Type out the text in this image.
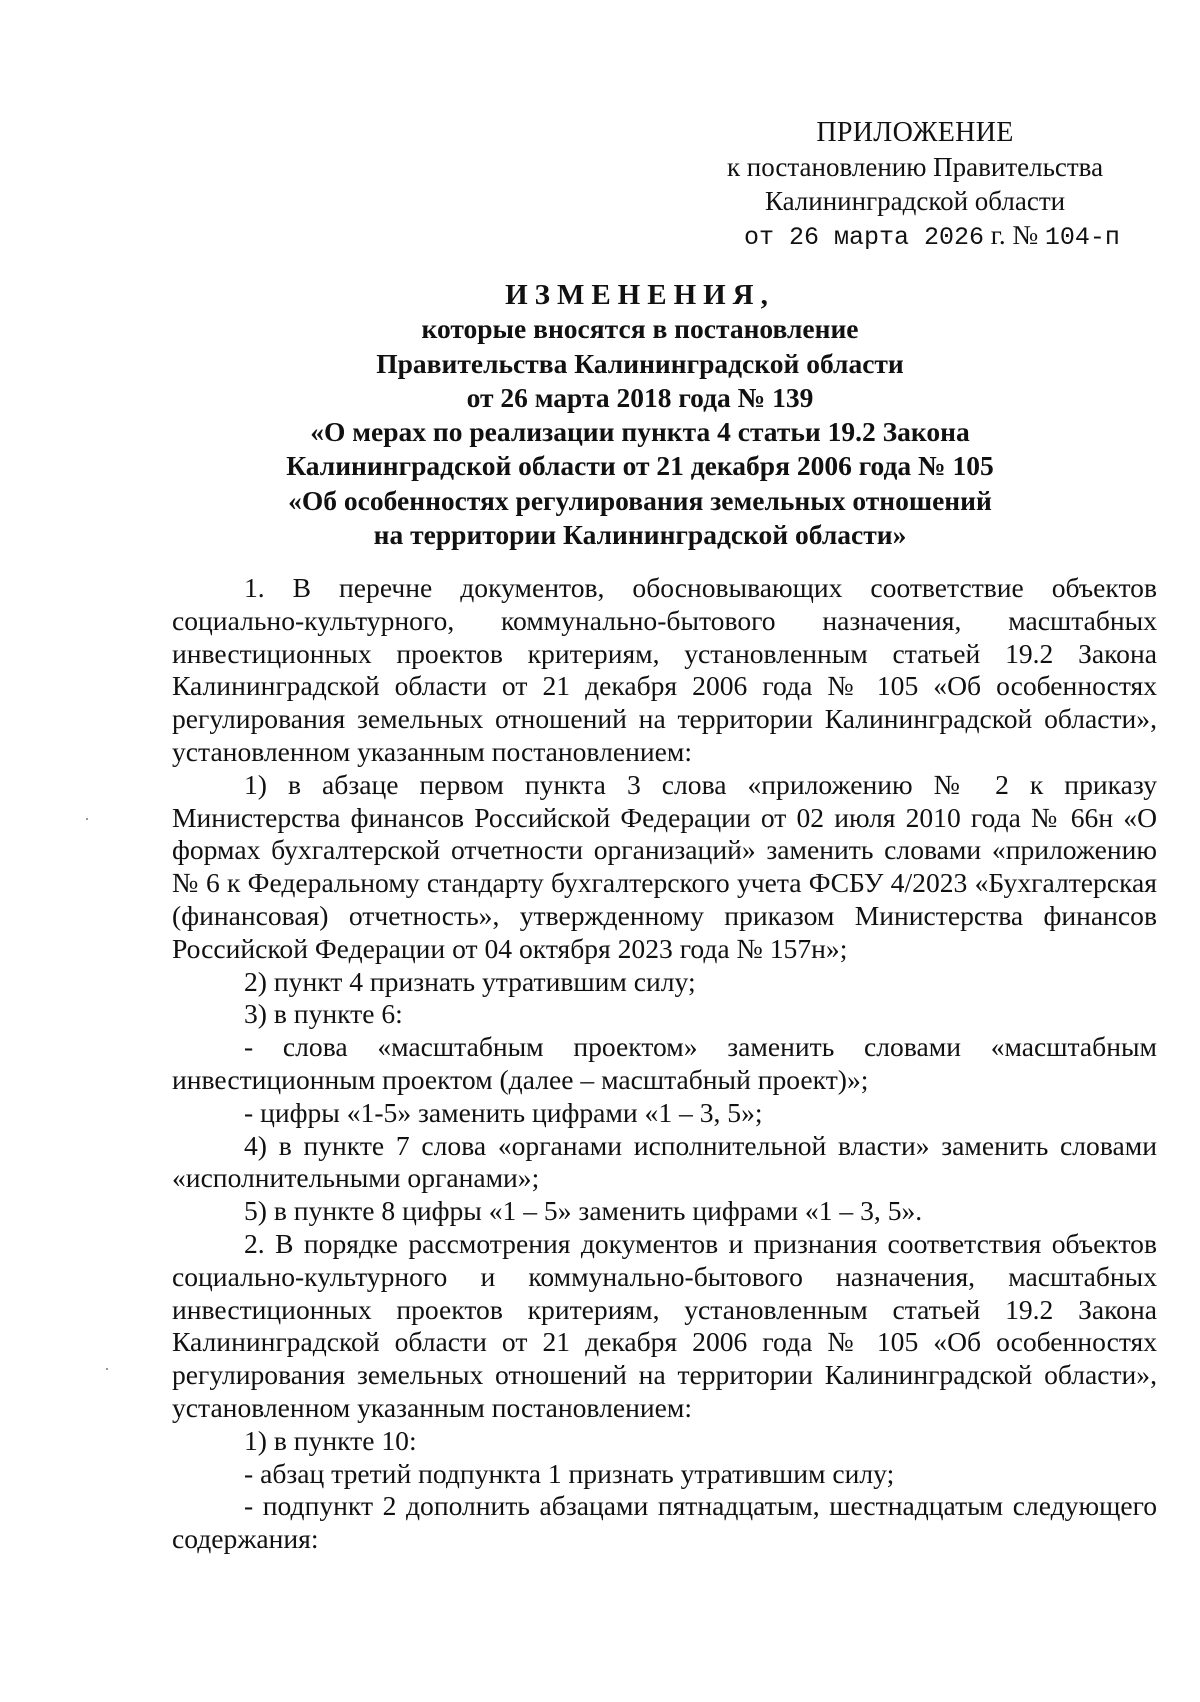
ПРИЛОЖЕНИЕ
к постановлению Правительства
Калининградской области
от 26 марта 2026 г. № 104-п
ИЗМЕНЕНИЯ,
которые вносятся в постановление
Правительства Калининградской области
от 26 марта 2018 года № 139
«О мерах по реализации пункта 4 статьи 19.2 Закона
Калининградской области от 21 декабря 2006 года № 105
«Об особенностях регулирования земельных отношений
на территории Калининградской области»

1. В перечне документов, обосновывающих соответствие объектов социально-культурного, коммунально-бытового назначения, масштабных инвестиционных проектов критериям, установленным статьей 19.2 Закона Калининградской области от 21 декабря 2006 года № 105 «Об особенностях регулирования земельных отношений на территории Калининградской области», установленном указанным постановлением:

1) в абзаце первом пункта 3 слова «приложению № 2 к приказу Министерства финансов Российской Федерации от 02 июля 2010 года № 66н «О формах бухгалтерской отчетности организаций» заменить словами «приложению № 6 к Федеральному стандарту бухгалтерского учета ФСБУ 4/2023 «Бухгалтерская (финансовая) отчетность», утвержденному приказом Министерства финансов Российской Федерации от 04 октября 2023 года № 157н»;

2) пункт 4 признать утратившим силу;

3) в пункте 6:

- слова «масштабным проектом» заменить словами «масштабным инвестиционным проектом (далее – масштабный проект)»;

- цифры «1-5» заменить цифрами «1 – 3, 5»;

4) в пункте 7 слова «органами исполнительной власти» заменить словами «исполнительными органами»;

5) в пункте 8 цифры «1 – 5» заменить цифрами «1 – 3, 5».

2. В порядке рассмотрения документов и признания соответствия объектов социально-культурного и коммунально-бытового назначения, масштабных инвестиционных проектов критериям, установленным статьей 19.2 Закона Калининградской области от 21 декабря 2006 года № 105 «Об особенностях регулирования земельных отношений на территории Калининградской области», установленном указанным постановлением:

1) в пункте 10:

- абзац третий подпункта 1 признать утратившим силу;

- подпункт 2 дополнить абзацами пятнадцатым, шестнадцатым следующего содержания:
